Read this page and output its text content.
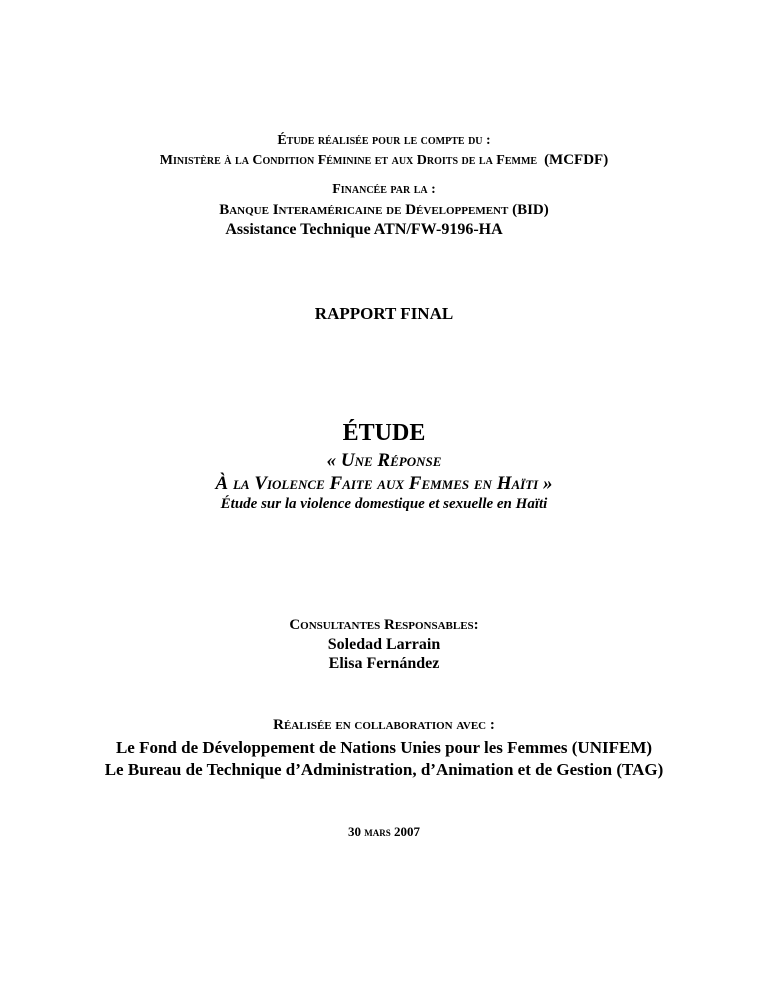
Étude réalisée pour le compte du :
Ministère à la Condition Féminine et aux Droits de la Femme (MCFDF)
Financée par la :
Banque Interaméricaine de Développement (BID)
Assistance Technique ATN/FW-9196-HA
RAPPORT FINAL
ÉTUDE
« Une Réponse
À la Violence Faite aux Femmes en Haïti »
Étude sur la violence domestique et sexuelle en Haïti
Consultantes Responsables:
Soledad Larrain
Elisa Fernández
Réalisée en collaboration avec :
Le Fond de Développement de Nations Unies pour les Femmes (UNIFEM)
Le Bureau de Technique d’Administration, d’Animation et de Gestion (TAG)
30 mars 2007
